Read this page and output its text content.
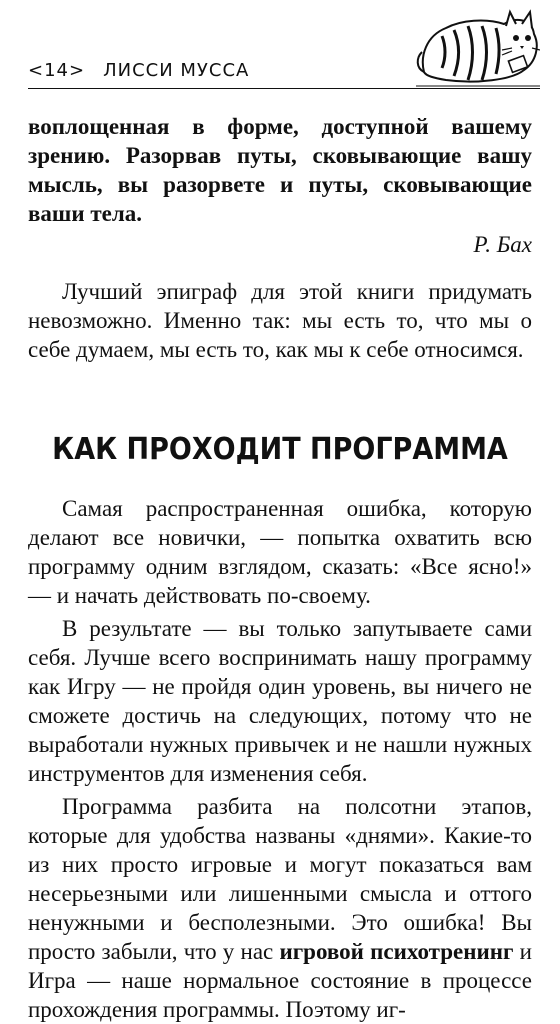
<14> ЛИССИ МУССА

воплощенная в форме, доступной вашему зрению. Разорвав путы, сковывающие вашу мысль, вы разорвете и путы, сковывающие ваши тела.

Р. Бах

Лучший эпиграф для этой книги придумать невозможно. Именно так: мы есть то, что мы о себе думаем, мы есть то, как мы к себе относимся.

КАК ПРОХОДИТ ПРОГРАММА

Самая распространенная ошибка, которую делают все новички, — попытка охватить всю программу одним взглядом, сказать: «Все ясно!» — и начать действовать по-своему.

В результате — вы только запутываете сами себя. Лучше всего воспринимать нашу программу как Игру — не пройдя один уровень, вы ничего не сможете достичь на следующих, потому что не выработали нужных привычек и не нашли нужных инструментов для изменения себя.

Программа разбита на полсотни этапов, которые для удобства названы «днями». Какие-то из них просто игровые и могут показаться вам несерьезными или лишенными смысла и оттого ненужными и бесполезными. Это ошибка! Вы просто забыли, что у нас игровой психотренинг и Игра — наше нормальное состояние в процессе прохождения программы. Поэтому иг-
